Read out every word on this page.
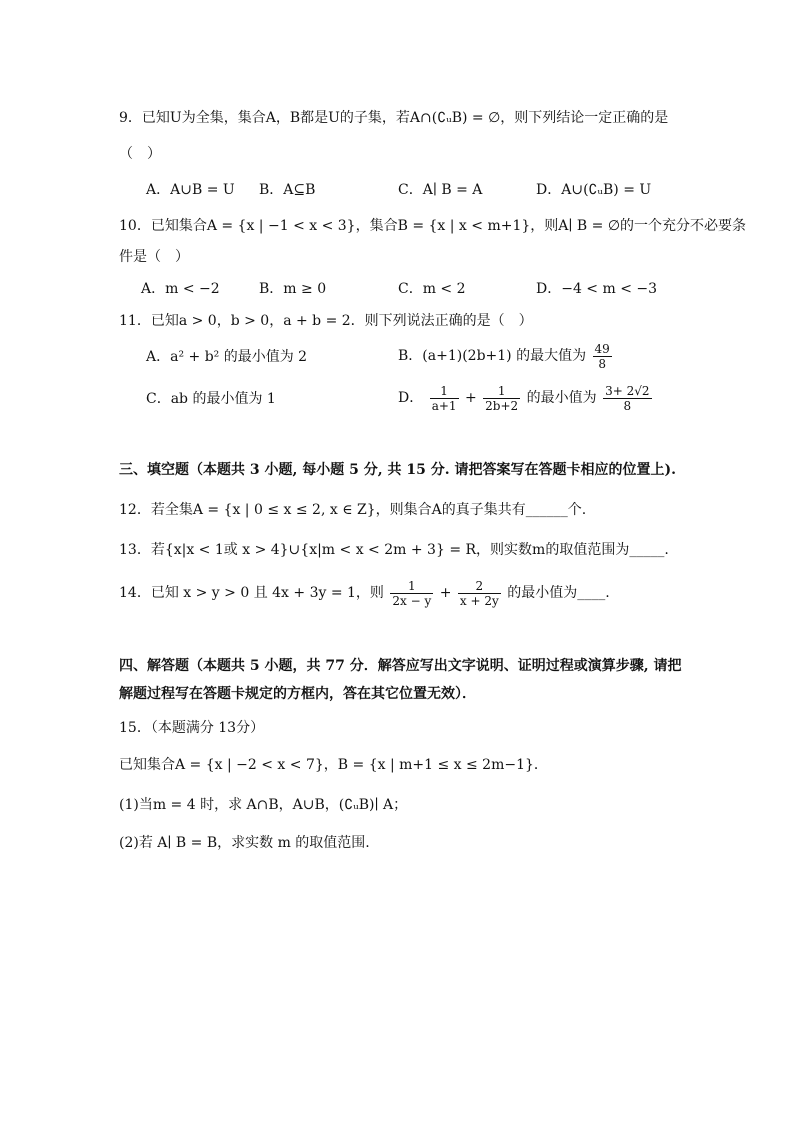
9．已知U为全集，集合A，B都是U的子集，若A∩(∁ᵤB) = ∅，则下列结论一定正确的是
（　）
A．A∪B = U B．A⊆B	C．A∣ B = A	D．A∪(∁ᵤB) = U
10．已知集合A = {x | −1 < x < 3}，集合B = {x | x < m+1}，则A∣ B = ∅的一个充分不必要条
件是（　）
A．m < −2	B．m ≥ 0	C．m < 2	D．−4 < m < −3
11．已知a > 0，b > 0，a + b = 2．则下列说法正确的是（　）
A．a² + b² 的最小值为 2	B．(a+1)(2b+1) 的最大值为 $\frac{49}{8}$
C．ab 的最小值为 1	D． $\frac{1}{a+1} + \frac{1}{2b+2}$ 的最小值为 $\frac{3+ 2√2}{8}$
三、填空题（本题共 3 小题, 每小题 5 分, 共 15 分. 请把答案写在答题卡相应的位置上).
12．若全集A = {x | 0 ≤ x ≤ 2, x ∈ Z}，则集合A的真子集共有______个.
13．若{x|x < 1或 x > 4}∪{x|m < x < 2m + 3} = R，则实数m的取值范围为_____.
14．已知 x > y > 0 且 4x + 3y = 1，则 $\frac{1}{2x - y} + \frac{2}{x + 2y}$ 的最小值为____.
四、解答题（本题共 5 小题，共 77 分．解答应写出文字说明、证明过程或演算步骤, 请把
解题过程写在答题卡规定的方框内，答在其它位置无效）．
15．（本题满分 13分）
已知集合A = {x | −2 < x < 7}，B = {x | m+1 ≤ x ≤ 2m−1}．
(1)当m = 4 时，求 A∩B，A∪B，(∁ᵤB)∣ A；
(2)若 A∣ B = B，求实数 m 的取值范围.
